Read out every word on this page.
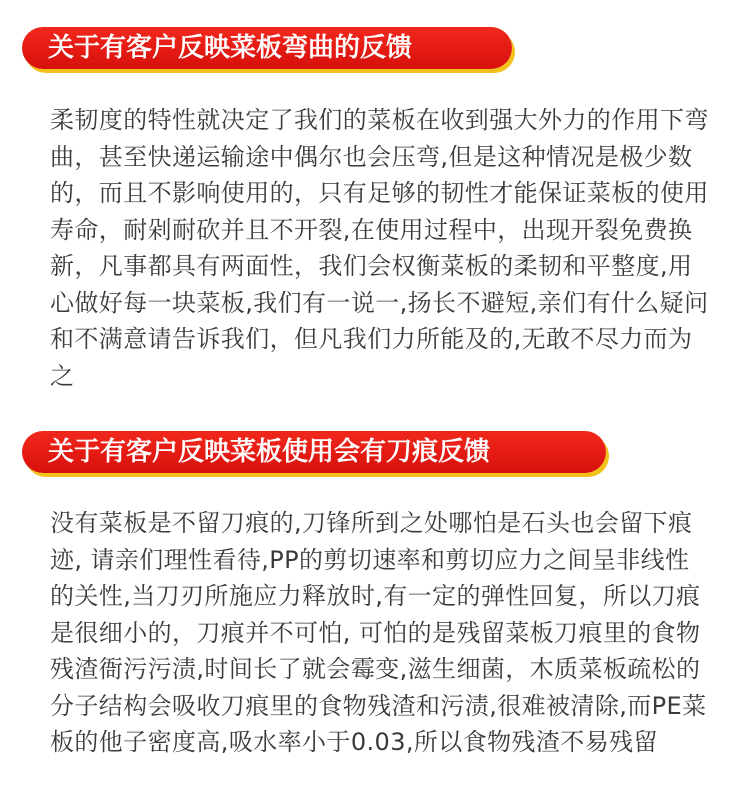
关于有客户反映菜板弯曲的反馈

柔韧度的特性就决定了我们的菜板在收到强大外力的作用下弯曲，甚至快递运输途中偶尔也会压弯,但是这种情况是极少数的，而且不影响使用的，只有足够的韧性才能保证菜板的使用寿命，耐剁耐砍并且不开裂,在使用过程中，出现开裂免费换新，凡事都具有两面性，我们会权衡菜板的柔韧和平整度,用心做好每一块菜板,我们有一说一,扬长不避短,亲们有什么疑问和不满意请告诉我们，但凡我们力所能及的,无敢不尽力而为之

关于有客户反映菜板使用会有刀痕反馈

没有菜板是不留刀痕的,刀锋所到之处哪怕是石头也会留下痕迹, 请亲们理性看待,PP的剪切速率和剪切应力之间呈非线性的关性,当刀刃所施应力释放时,有一定的弹性回复，所以刀痕是很细小的，刀痕并不可怕, 可怕的是残留菜板刀痕里的食物残渣衙污污渍,时间长了就会霉变,滋生细菌，木质菜板疏松的分子结构会吸收刀痕里的食物残渣和污渍,很难被清除,而PE菜板的他子密度高,吸水率小于0.03,所以食物残渣不易残留
